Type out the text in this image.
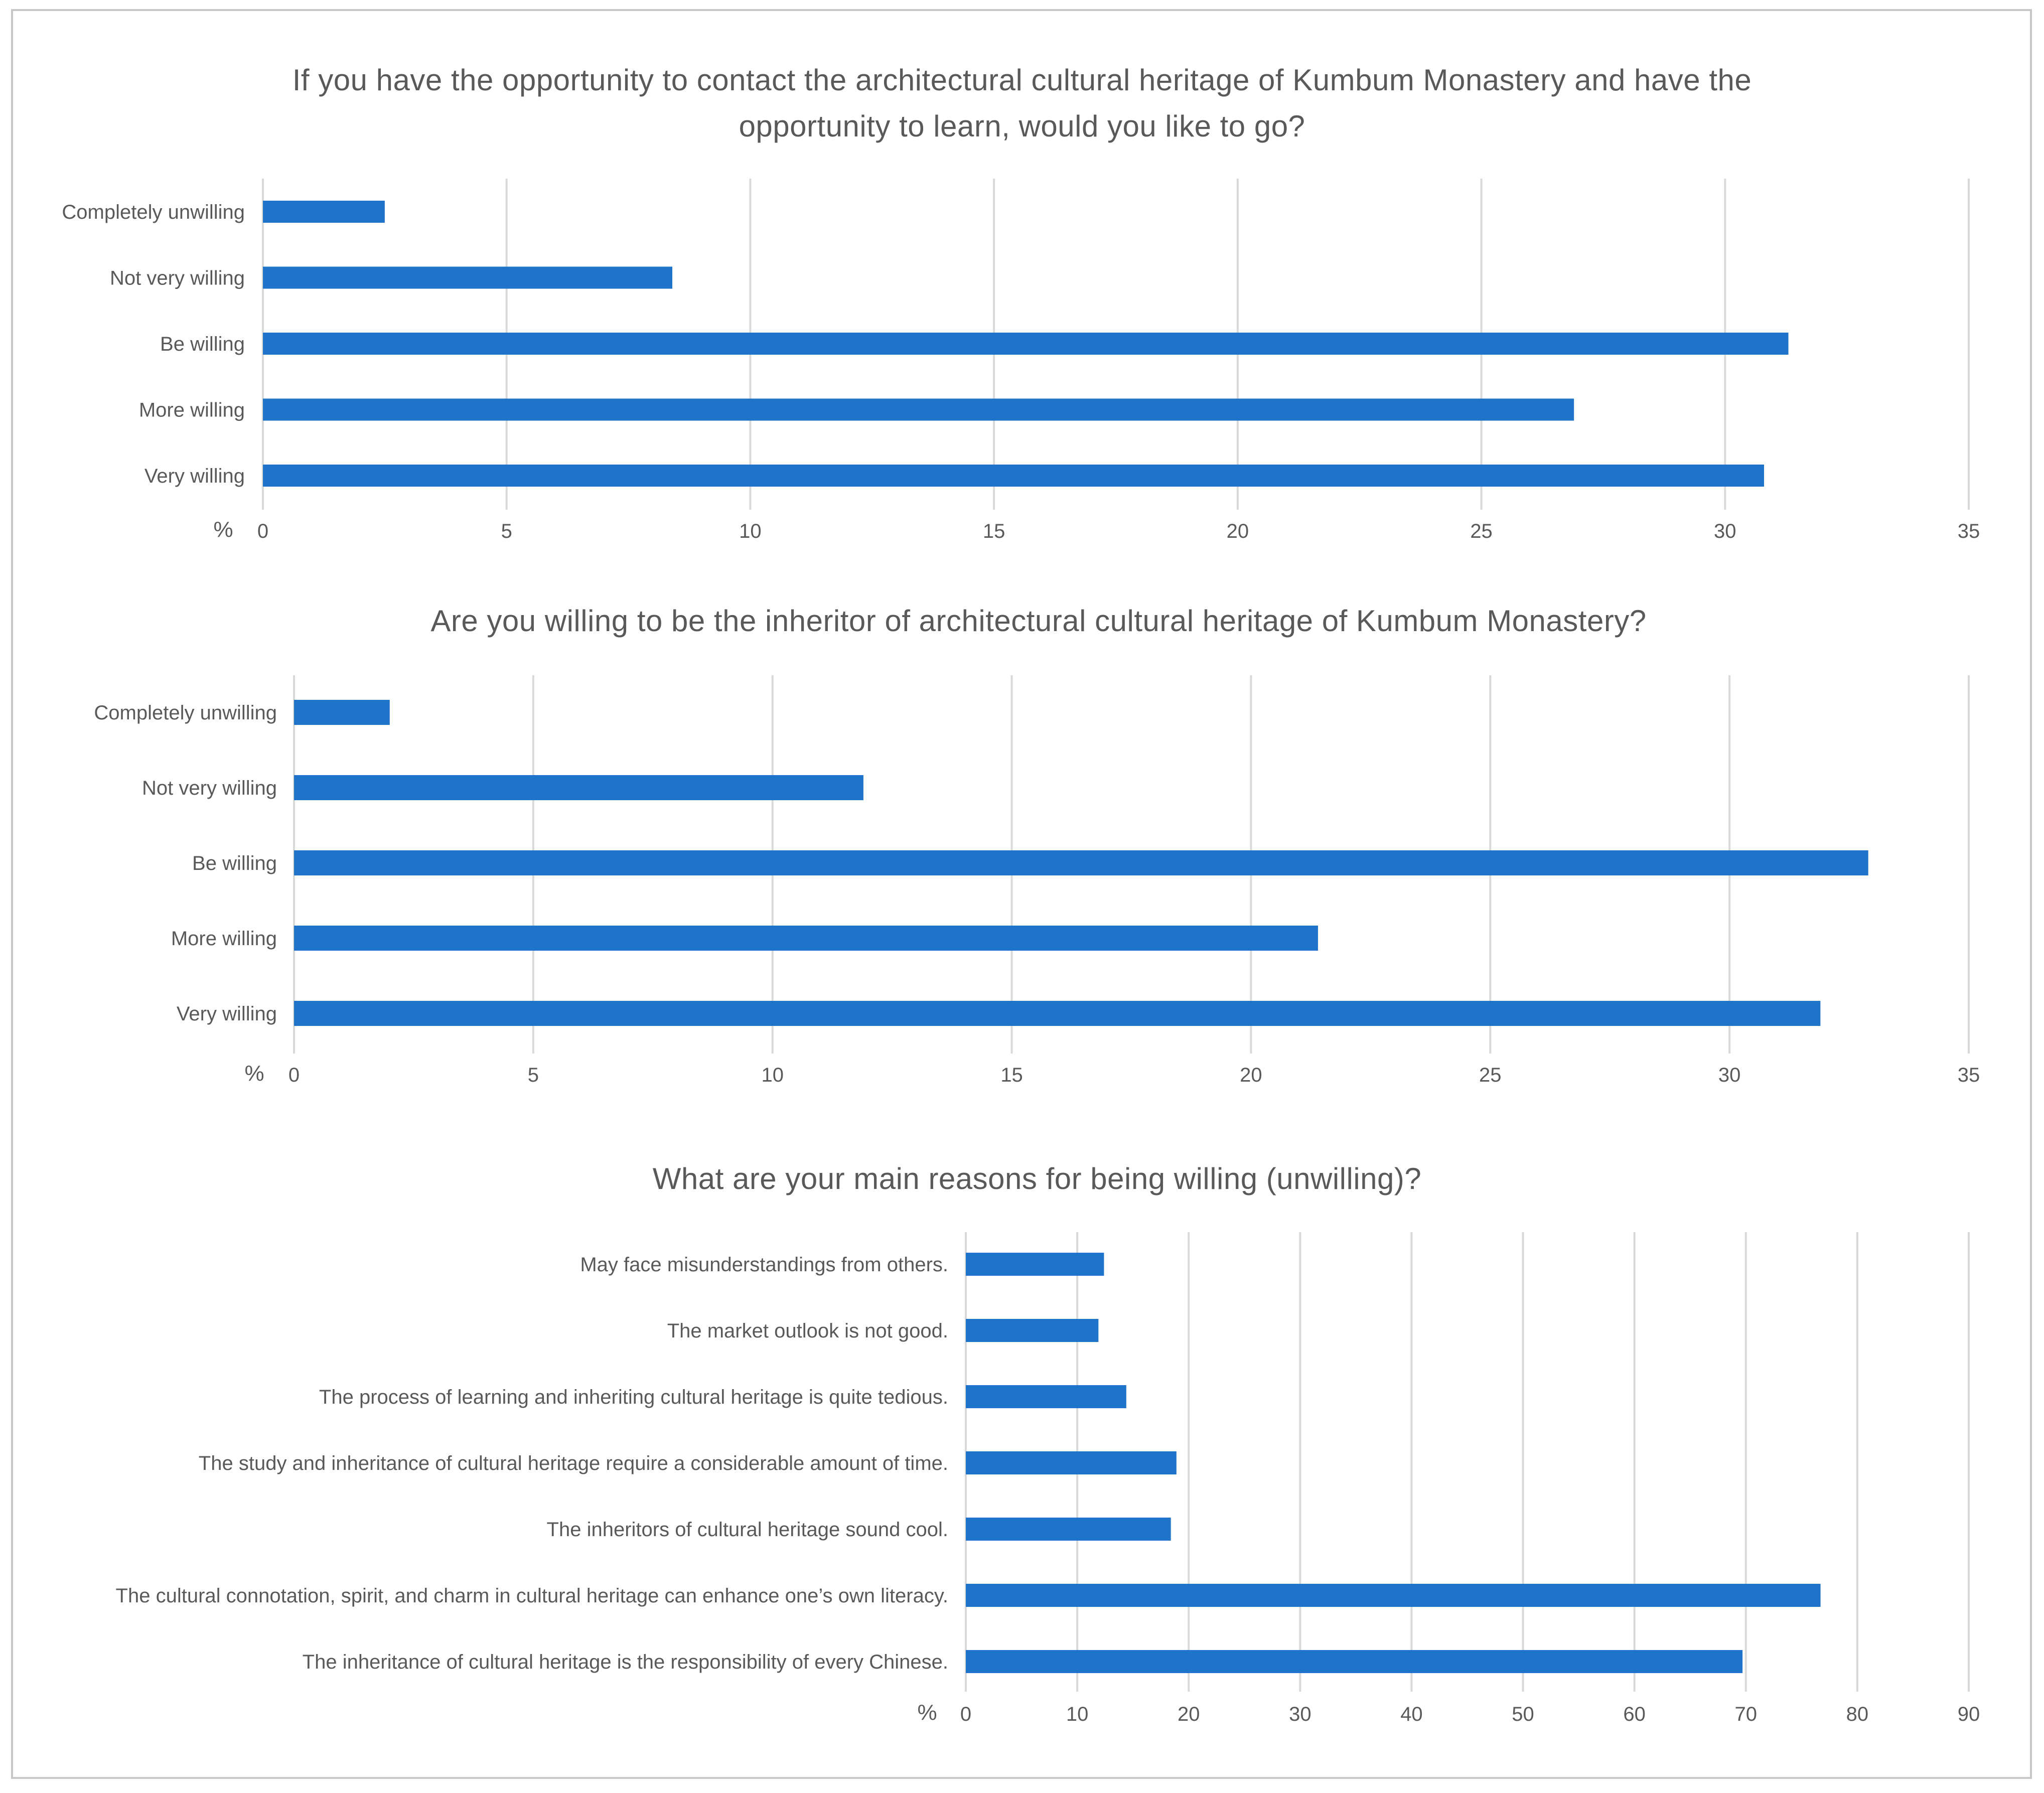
If you have the opportunity to contact the architectural cultural heritage of Kumbum Monastery and have the
opportunity to learn, would you like to go?
Completely unwilling
Not very willing
Be willing
More willing
Very willing
0	5	10	15	20	25	30	35
%
Are you willing to be the inheritor of architectural cultural heritage of Kumbum Monastery?
Completely unwilling
Not very willing
Be willing
More willing
Very willing
0	5	10	15	20	25	30	35
%
What are your main reasons for being willing (unwilling)?
May face misunderstandings from others.
The market outlook is not good.
The process of learning and inheriting cultural heritage is quite tedious.
The study and inheritance of cultural heritage require a considerable amount of time.
The inheritors of cultural heritage sound cool.
The cultural connotation, spirit, and charm in cultural heritage can enhance one’s own literacy.
The inheritance of cultural heritage is the responsibility of every Chinese.
0	10	20	30	40	50	60	70	80	90
%
